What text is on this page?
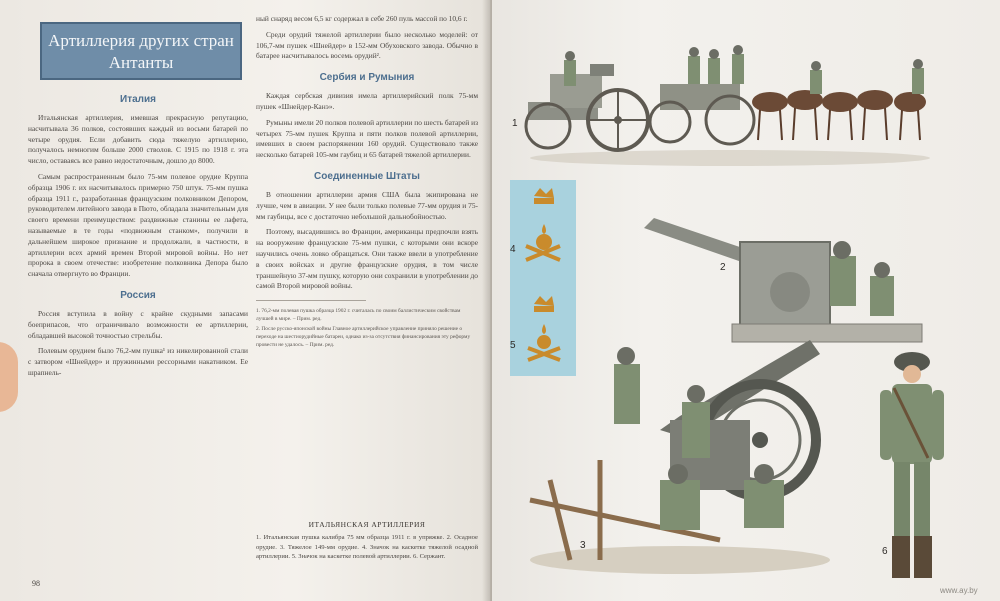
Артиллерия других стран Антанты
Италия

Итальянская артиллерия, имевшая прекрасную репутацию, насчитывала 36 полков, состоявших каждый из восьми батарей по четыре орудия. Если добавить сюда тяжелую артиллерию, получалось немногим больше 2000 стволов. С 1915 по 1918 г. эта число, оставаясь все равно недостаточным, дошло до 8000.

Самым распространенным было 75-мм полевое орудие Круппа образца 1906 г. их насчитывалось примерно 750 штук. 75-мм пушка образца 1911 г., разработанная французским полковником Депором, руководителем литейного завода в Пюто, обладала значительным для своего времени преимуществом: раздвижные станины ее лафета, называемые в те годы «подвижным станком», получили в дальнейшем широкое признание и продолжали, в частности, в артиллерии всех армий времен Второй мировой войны. Но нет пророка в своем отечестве: изобретение полковника Депора было сначала отвергнуто во Франции.

Россия

Россия вступила в войну с крайне скудными запасами боеприпасов, что ограничивало возможности ее артиллерии, обладавшей высокой точностью стрельбы.

Полевым орудием было 76,2-мм пушка¹ из никелированной стали с затвором «Шнейдер» и пружинными рессорными накатником. Ее шрапнель-

ный снаряд весом 6,5 кг содержал в себе 260 пуль массой по 10,6 г.

Среди орудий тяжелой артиллерии было несколько моделей: от 106,7-мм пушек «Шнейдер» в 152-мм Обуховского завода. Обычно в батарее насчитывалось восемь орудий².

Сербия и Румыния

Каждая сербская дивизия имела артиллерийский полк 75-мм пушек «Шнейдер-Канэ».

Румыны имели 20 полков полевой артиллерии по шесть батарей из четырех 75-мм пушек Круппа и пяти полков полевой артиллерии, имевших в своем распоряжении 160 орудий. Существовало также несколько батарей 105-мм гаубиц и 65 батарей тяжелой артиллерии.

Соединенные Штаты

В отношении артиллерии армия США была экипирована не лучше, чем в авиации. У нее были только полевые 77-мм орудия и 75-мм гаубицы, все с достаточно небольшой дальнобойностью.

Поэтому, высадившись во Франции, американцы предпочли взять на вооружение французские 75-мм пушки, с которыми они вскоре научились очень ловко обращаться. Они также ввели в употребление в своих войсках и другие французские орудия, в том числе траншейную 37-мм пушку, которую они сохранили в употреблении до самой Второй мировой войны.

1. 76,2-мм полевая пушка образца 1902 г. считалась по своим баллистическим свойствам лучшей в мире. – Прим. ред.

2. После русско-японской войны Главное артиллерийское управление приняло решение о переходе на шестиорудийные батареи, однако из-за отсутствия финансирования эту реформу провести не удалось. – Прим. ред.

ИТАЛЬЯНСКАЯ АРТИЛЛЕРИЯ
1. Итальянская пушка калибра 75 мм образца 1911 г. в упряжке. 2. Осадное орудие. 3. Тяжелое 149-мм орудие. 4. Значок на каскетке тяжелой осадной артиллерии. 5. Значок на каскетке полевой артиллерии. 6. Сержант.
98
1
2
3
4
5
6
www.ay.by
